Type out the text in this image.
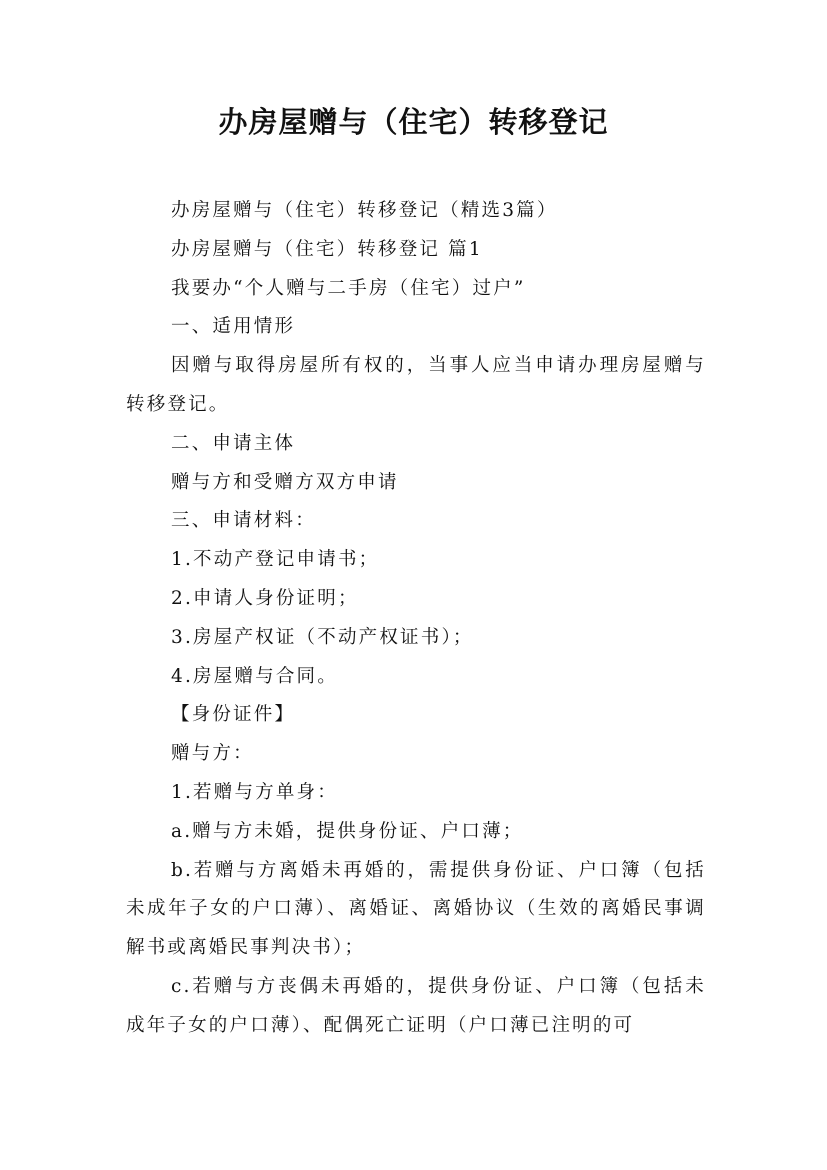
办房屋赠与（住宅）转移登记

办房屋赠与（住宅）转移登记（精选3篇）

办房屋赠与（住宅）转移登记 篇1

我要办“个人赠与二手房（住宅）过户”

一、适用情形

因赠与取得房屋所有权的，当事人应当申请办理房屋赠与转移登记。

二、申请主体

赠与方和受赠方双方申请

三、申请材料：

1.不动产登记申请书；

2.申请人身份证明；

3.房屋产权证（不动产权证书）；

4.房屋赠与合同。

【身份证件】

赠与方：

1.若赠与方单身：

a.赠与方未婚，提供身份证、户口薄；

b.若赠与方离婚未再婚的，需提供身份证、户口簿（包括未成年子女的户口薄）、离婚证、离婚协议（生效的离婚民事调解书或离婚民事判决书）；

c.若赠与方丧偶未再婚的，提供身份证、户口簿（包括未成年子女的户口薄）、配偶死亡证明（户口薄已注明的可
